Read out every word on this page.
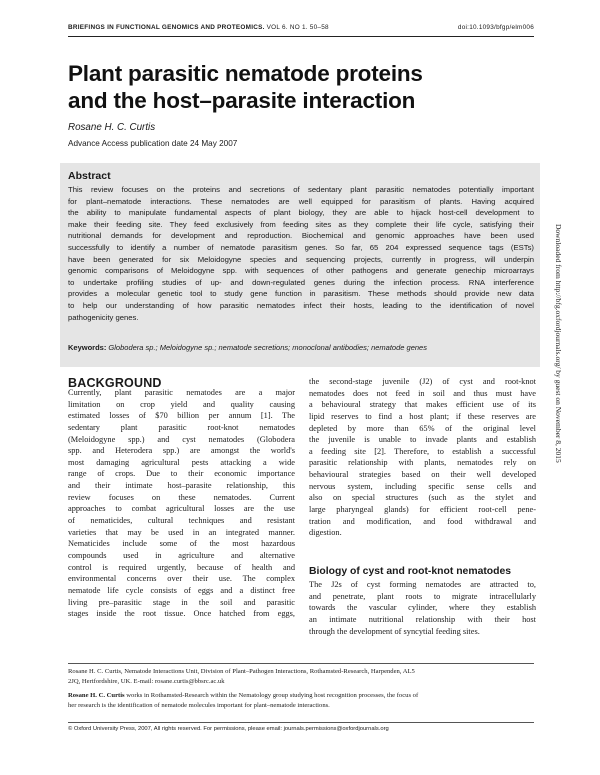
BRIEFINGS IN FUNCTIONAL GENOMICS AND PROTEOMICS. VOL 6. NO 1. 50–58	doi:10.1093/bfgp/elm006
Plant parasitic nematode proteins
and the host–parasite interaction
Rosane H. C. Curtis
Advance Access publication date 24 May 2007
Abstract
This review focuses on the proteins and secretions of sedentary plant parasitic nematodes potentially important
for plant–nematode interactions. These nematodes are well equipped for parasitism of plants. Having acquired
the ability to manipulate fundamental aspects of plant biology, they are able to hijack host-cell development to
make their feeding site. They feed exclusively from feeding sites as they complete their life cycle, satisfying their
nutritional demands for development and reproduction. Biochemical and genomic approaches have been used
successfully to identify a number of nematode parasitism genes. So far, 65 204 expressed sequence tags (ESTs)
have been generated for six Meloidogyne species and sequencing projects, currently in progress, will underpin
genomic comparisons of Meloidogyne spp. with sequences of other pathogens and generate genechip microarrays
to undertake profiling studies of up- and down-regulated genes during the infection process. RNA interference
provides a molecular genetic tool to study gene function in parasitism. These methods should provide new data
to help our understanding of how parasitic nematodes infect their hosts, leading to the identification of novel
pathogenicity genes.
Keywords: Globodera sp.; Meloidogyne sp.; nematode secretions; monoclonal antibodies; nematode genes
BACKGROUND
Currently, plant parasitic nematodes are a major
limitation on crop yield and quality causing
estimated losses of $70 billion per annum [1]. The
sedentary plant parasitic root-knot nematodes
(Meloidogyne spp.) and cyst nematodes (Globodera
spp. and Heterodera spp.) are amongst the world's
most damaging agricultural pests attacking a wide
range of crops. Due to their economic importance
and their intimate host–parasite relationship, this
review focuses on these nematodes. Current
approaches to combat agricultural losses are the use
of nematicides, cultural techniques and resistant
varieties that may be used in an integrated manner.
Nematicides include some of the most hazardous
compounds used in agriculture and alternative
control is required urgently, because of health and
environmental concerns over their use. The complex
nematode life cycle consists of eggs and a distinct free
living pre–parasitic stage in the soil and parasitic
stages inside the root tissue. Once hatched from eggs,
the second-stage juvenile (J2) of cyst and root-knot
nematodes does not feed in soil and thus must have
a behavioural strategy that makes efficient use of its
lipid reserves to find a host plant; if these reserves are
depleted by more than 65% of the original level
the juvenile is unable to invade plants and establish
a feeding site [2]. Therefore, to establish a successful
parasitic relationship with plants, nematodes rely on
behavioural strategies based on their well developed
nervous system, including specific sense cells and
also on special structures (such as the stylet and
large pharyngeal glands) for efficient root-cell pene-
tration and modification, and food withdrawal and
digestion.
Biology of cyst and root-knot nematodes
The J2s of cyst forming nematodes are attracted to,
and penetrate, plant roots to migrate intracellularly
towards the vascular cylinder, where they establish
an intimate nutritional relationship with their host
through the development of syncytial feeding sites.
Rosane H. C. Curtis, Nematode Interactions Unit, Division of Plant–Pathogen Interactions, Rothamsted-Research, Harpenden, AL5
2JQ, Hertfordshire, UK. E-mail: rosane.curtis@bbsrc.ac.uk
Rosane H. C. Curtis works in Rothamsted-Research within the Nematology group studying host recognition processes, the focus of
her research is the identification of nematode molecules important for plant–nematode interactions.
© Oxford University Press, 2007, All rights reserved. For permissions, please email: journals.permissions@oxfordjournals.org
Downloaded from http://bfg.oxfordjournals.org/ by guest on November 8, 2015
